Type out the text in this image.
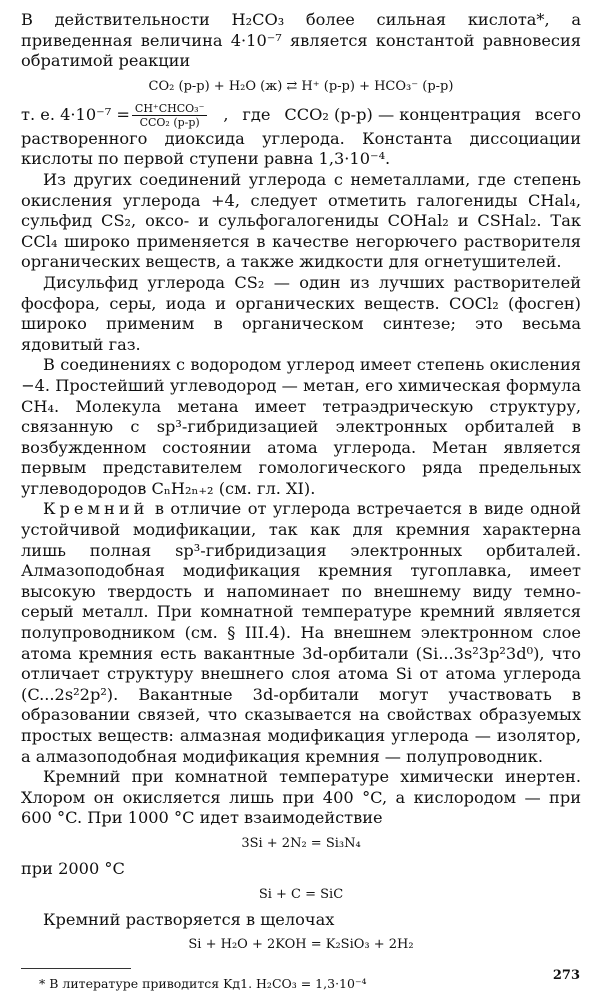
В действительности H₂CO₃ более сильная кислота*, а приведенная величина 4·10⁻⁷ является константой равновесия обратимой реакции

CO₂ (р-р) + H₂O (ж) ⇄ H⁺ (р-р) + HCO₃⁻ (р-р)
т. е. $4\cdot 10^{-7} = \frac{\text{CH⁺CHCO₃⁻}}{\text{CCO₂ (р-р)}}$ , где CCO₂ (р-р) — концентрация всего

растворенного диоксида углерода. Константа диссоциации кислоты по первой ступени равна 1,3·10⁻⁴.

Из других соединений углерода с неметаллами, где степень окисления углерода +4, следует отметить галогениды CHal₄, сульфид CS₂, оксо- и сульфогалогениды COHal₂ и CSHal₂. Так CCl₄ широко применяется в качестве негорючего растворителя органических веществ, а также жидкости для огнетушителей.

Дисульфид углерода CS₂ — один из лучших растворителей фосфора, серы, иода и органических веществ. COCl₂ (фосген) широко применим в органическом синтезе; это весьма ядовитый газ.

В соединениях с водородом углерод имеет степень окисления −4. Простейший углеводород — метан, его химическая формула CH₄. Молекула метана имеет тетраэдрическую структуру, связанную с sp³-гибридизацией электронных орбиталей в возбужденном состоянии атома углерода. Метан является первым представителем гомологического ряда предельных углеводородов CₙH₂ₙ₊₂ (см. гл. XI).

Кремний в отличие от углерода встречается в виде одной устойчивой модификации, так как для кремния характерна лишь полная sp³-гибридизация электронных орбиталей. Алмазоподобная модификация кремния тугоплавка, имеет высокую твердость и напоминает по внешнему виду темно-серый металл. При комнатной температуре кремний является полупроводником (см. § III.4). На внешнем электронном слое атома кремния есть вакантные 3d-орбитали (Si...3s²3p²3d⁰), что отличает структуру внешнего слоя атома Si от атома углерода (C...2s²2p²). Вакантные 3d-орбитали могут участвовать в образовании связей, что сказывается на свойствах образуемых простых веществ: алмазная модификация углерода — изолятор, а алмазоподобная модификация кремния — полупроводник.

Кремний при комнатной температуре химически инертен. Хлором он окисляется лишь при 400 °C, а кислородом — при 600 °C. При 1000 °C идет взаимодействие

3Si + 2N₂ = Si₃N₄

при 2000 °C

Si + C = SiC

Кремний растворяется в щелочах

Si + H₂O + 2KOH = K₂SiO₃ + 2H₂
* В литературе приводится Kд1. H₂CO₃ = 1,3·10⁻⁴
273
